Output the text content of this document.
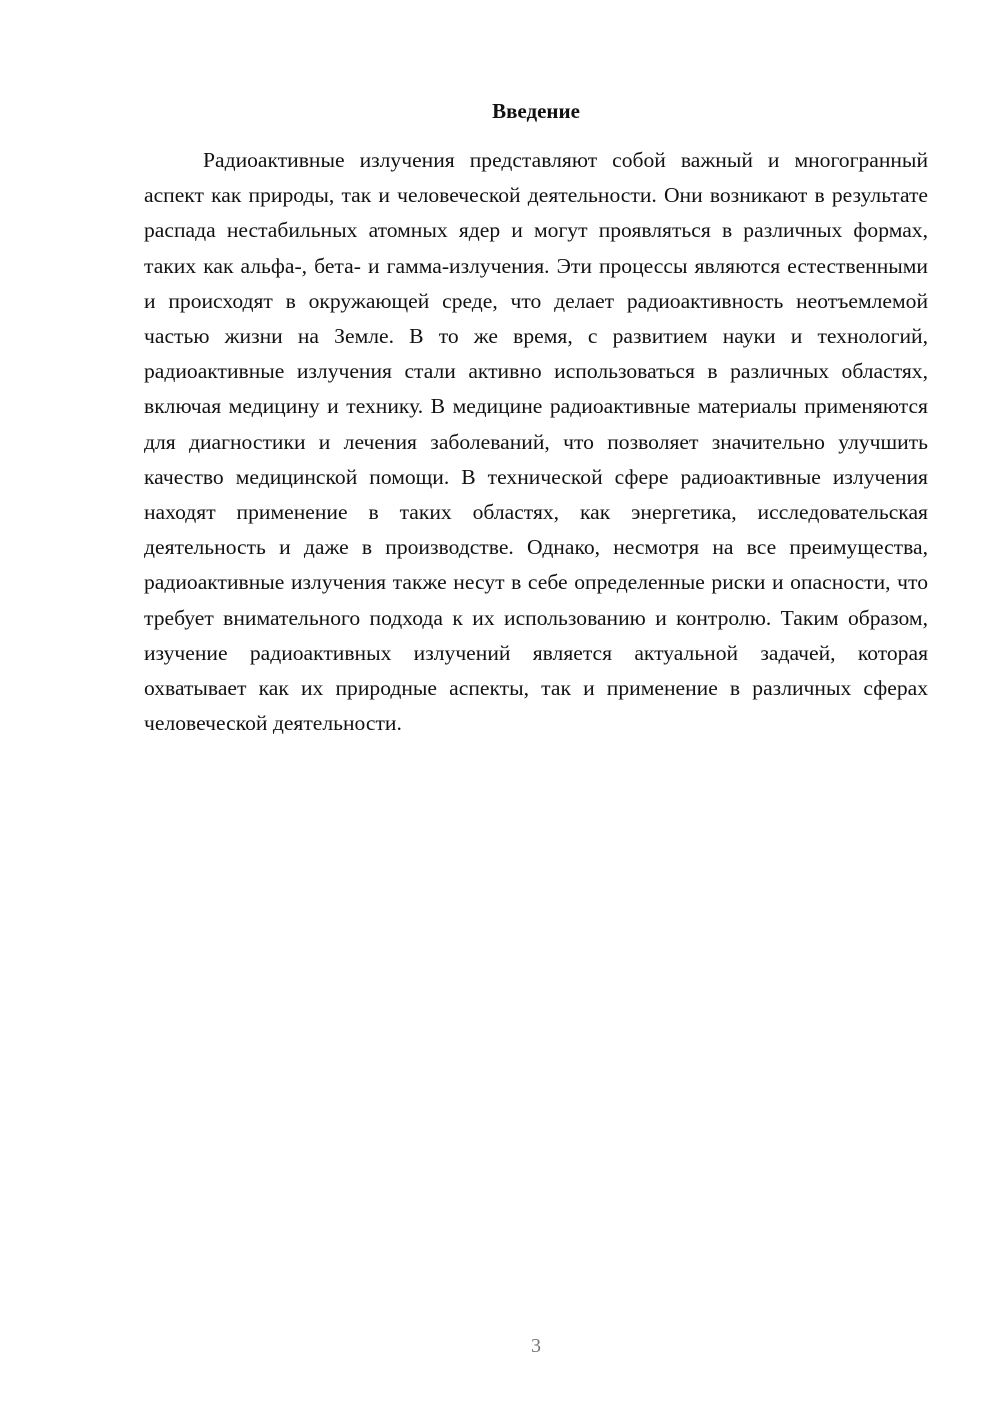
Введение

Радиоактивные излучения представляют собой важный и многогранный аспект как природы, так и человеческой деятельности. Они возникают в результате распада нестабильных атомных ядер и могут проявляться в различных формах, таких как альфа-, бета- и гамма-излучения. Эти процессы являются естественными и происходят в окружающей среде, что делает радиоактивность неотъемлемой частью жизни на Земле. В то же время, с развитием науки и технологий, радиоактивные излучения стали активно использоваться в различных областях, включая медицину и технику. В медицине радиоактивные материалы применяются для диагностики и лечения заболеваний, что позволяет значительно улучшить качество медицинской помощи. В технической сфере радиоактивные излучения находят применение в таких областях, как энергетика, исследовательская деятельность и даже в производстве. Однако, несмотря на все преимущества, радиоактивные излучения также несут в себе определенные риски и опасности, что требует внимательного подхода к их использованию и контролю. Таким образом, изучение радиоактивных излучений является актуальной задачей, которая охватывает как их природные аспекты, так и применение в различных сферах человеческой деятельности.

3
